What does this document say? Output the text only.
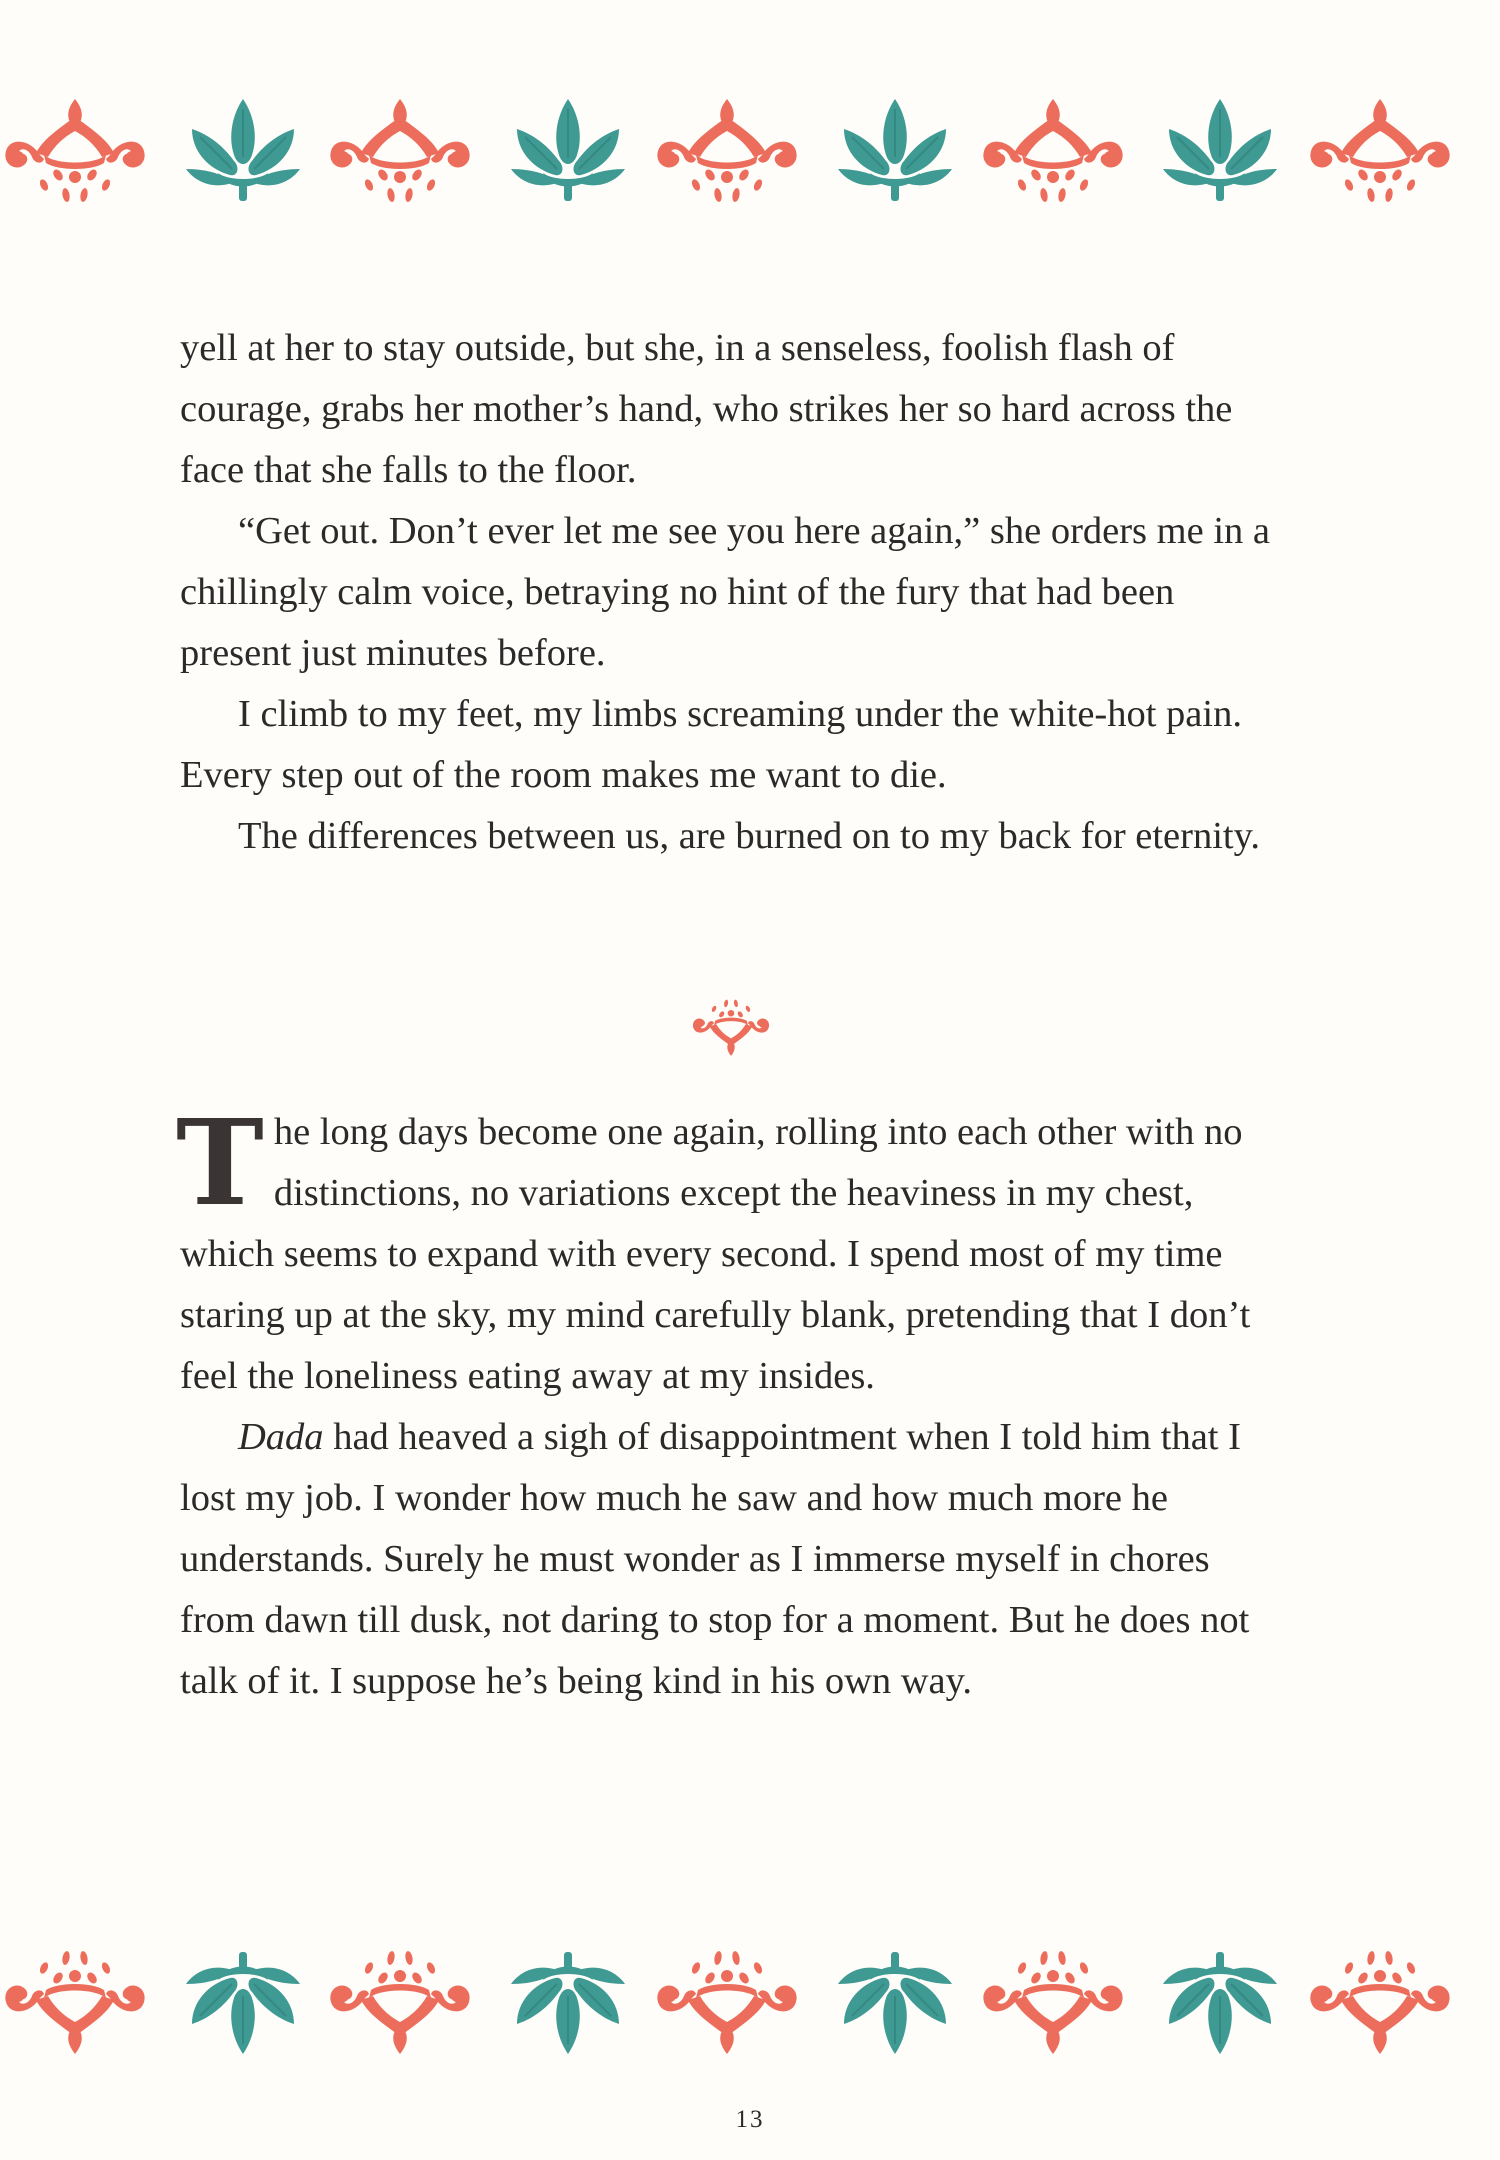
yell at her to stay outside, but she, in a senseless, foolish flash of courage, grabs her mother’s hand, who strikes her so hard across the face that she falls to the floor.

“Get out. Don’t ever let me see you here again,” she orders me in a chillingly calm voice, betraying no hint of the fury that had been present just minutes before.

I climb to my feet, my limbs screaming under the white-hot pain. Every step out of the room makes me want to die.

The differences between us, are burned on to my back for eternity.

The long days become one again, rolling into each other with no distinctions, no variations except the heaviness in my chest, which seems to expand with every second. I spend most of my time staring up at the sky, my mind carefully blank, pretending that I don’t feel the loneliness eating away at my insides.

Dada had heaved a sigh of disappointment when I told him that I lost my job. I wonder how much he saw and how much more he understands. Surely he must wonder as I immerse myself in chores from dawn till dusk, not daring to stop for a moment. But he does not talk of it. I suppose he’s being kind in his own way.

13
